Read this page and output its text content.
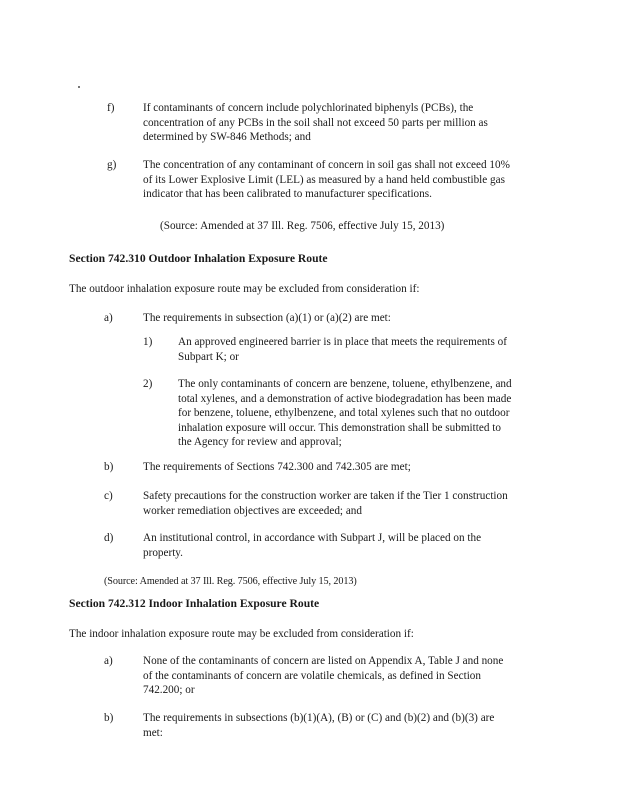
f)	If contaminants of concern include polychlorinated biphenyls (PCBs), the
concentration of any PCBs in the soil shall not exceed 50 parts per million as
determined by SW-846 Methods; and
g)	The concentration of any contaminant of concern in soil gas shall not exceed 10%
of its Lower Explosive Limit (LEL) as measured by a hand held combustible gas
indicator that has been calibrated to manufacturer specifications.
(Source: Amended at 37 Ill. Reg. 7506, effective July 15, 2013)
Section 742.310 Outdoor Inhalation Exposure Route
The outdoor inhalation exposure route may be excluded from consideration if:
a)	The requirements in subsection (a)(1) or (a)(2) are met:
1)	An approved engineered barrier is in place that meets the requirements of
Subpart K; or
2)	The only contaminants of concern are benzene, toluene, ethylbenzene, and
total xylenes, and a demonstration of active biodegradation has been made
for benzene, toluene, ethylbenzene, and total xylenes such that no outdoor
inhalation exposure will occur. This demonstration shall be submitted to
the Agency for review and approval;
b)	The requirements of Sections 742.300 and 742.305 are met;
c)	Safety precautions for the construction worker are taken if the Tier 1 construction
worker remediation objectives are exceeded; and
d)	An institutional control, in accordance with Subpart J, will be placed on the
property.
(Source: Amended at 37 Ill. Reg. 7506, effective July 15, 2013)
Section 742.312 Indoor Inhalation Exposure Route
The indoor inhalation exposure route may be excluded from consideration if:
a)	None of the contaminants of concern are listed on Appendix A, Table J and none
of the contaminants of concern are volatile chemicals, as defined in Section
742.200; or
b)	The requirements in subsections (b)(1)(A), (B) or (C) and (b)(2) and (b)(3) are
met:
